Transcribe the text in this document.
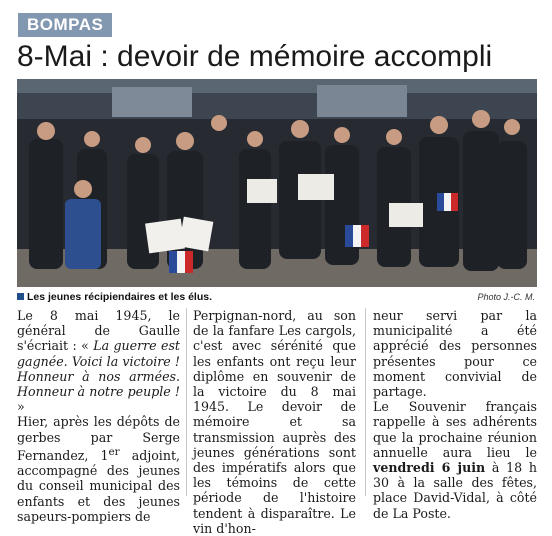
BOMPAS
8-Mai : devoir de mémoire accompli
Les jeunes récipiendaires et les élus.	Photo J.-C. M.

Le 8 mai 1945, le général de Gaulle s'écriait : « La guerre est gagnée. Voici la victoire ! Honneur à nos armées. Honneur à notre peuple ! »

Hier, après les dépôts de gerbes par Serge Fernandez, 1er adjoint, accompagné des jeunes du conseil municipal des enfants et des jeunes sapeurs-pompiers de

Perpignan-nord, au son de la fanfare Les cargols, c'est avec sérénité que les enfants ont reçu leur diplôme en souvenir de la victoire du 8 mai 1945. Le devoir de mémoire et sa transmission auprès des jeunes générations sont des impératifs alors que les témoins de cette période de l'histoire tendent à disparaître. Le vin d'hon-

neur servi par la municipalité a été apprécié des personnes présentes pour ce moment convivial de partage.

Le Souvenir français rappelle à ses adhérents que la prochaine réunion annuelle aura lieu le vendredi 6 juin à 18 h 30 à la salle des fêtes, place David-Vidal, à côté de La Poste.
